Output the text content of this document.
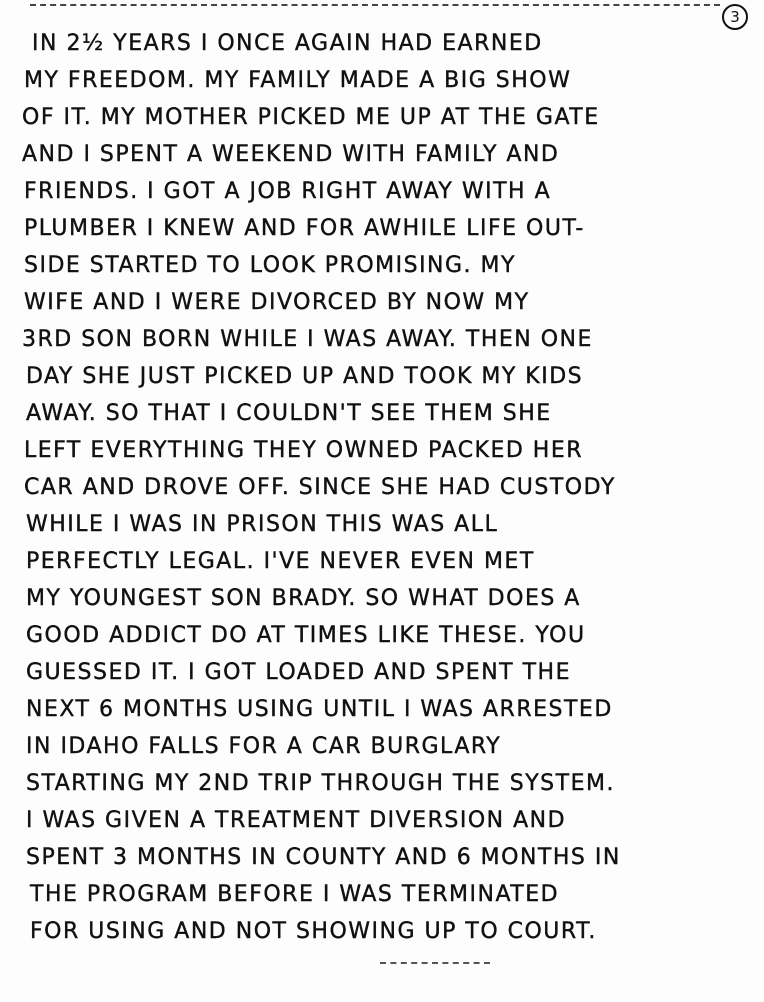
3
IN 2½ YEARS I ONCE AGAIN HAD EARNED
MY FREEDOM. MY FAMILY MADE A BIG SHOW
OF IT. MY MOTHER PICKED ME UP AT THE GATE
AND I SPENT A WEEKEND WITH FAMILY AND
FRIENDS. I GOT A JOB RIGHT AWAY WITH A
PLUMBER I KNEW AND FOR AWHILE LIFE OUT-
SIDE STARTED TO LOOK PROMISING. MY
WIFE AND I WERE DIVORCED BY NOW MY
3RD SON BORN WHILE I WAS AWAY. THEN ONE
DAY SHE JUST PICKED UP AND TOOK MY KIDS
AWAY. SO THAT I COULDN'T SEE THEM SHE
LEFT EVERYTHING THEY OWNED PACKED HER
CAR AND DROVE OFF. SINCE SHE HAD CUSTODY
WHILE I WAS IN PRISON THIS WAS ALL
PERFECTLY LEGAL. I'VE NEVER EVEN MET
MY YOUNGEST SON BRADY. SO WHAT DOES A
GOOD ADDICT DO AT TIMES LIKE THESE. YOU
GUESSED IT. I GOT LOADED AND SPENT THE
NEXT 6 MONTHS USING UNTIL I WAS ARRESTED
IN IDAHO FALLS FOR A CAR BURGLARY
STARTING MY 2ND TRIP THROUGH THE SYSTEM.
I WAS GIVEN A TREATMENT DIVERSION AND
SPENT 3 MONTHS IN COUNTY AND 6 MONTHS IN
THE PROGRAM BEFORE I WAS TERMINATED
FOR USING AND NOT SHOWING UP TO COURT.
